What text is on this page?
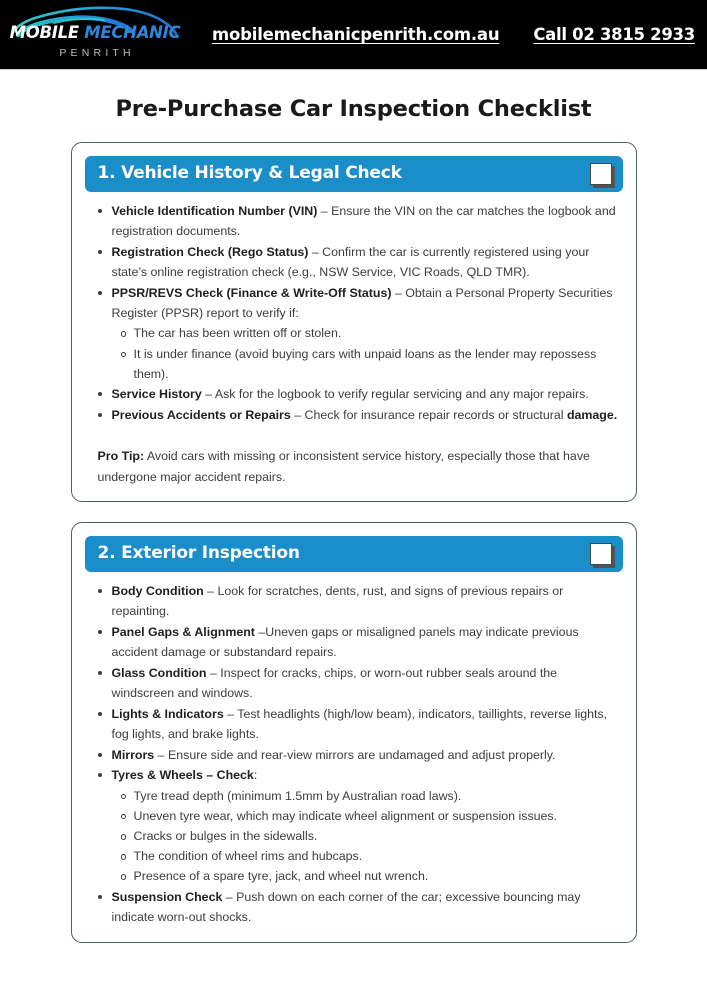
MOBILE MECHANIC
PENRITH
mobilemechanicpenrith.com.au Call 02 3815 2933
Pre-Purchase Car Inspection Checklist
1. Vehicle History & Legal Check
Vehicle Identification Number (VIN) – Ensure the VIN on the car matches the logbook and registration documents.
Registration Check (Rego Status) – Confirm the car is currently registered using your state’s online registration check (e.g., NSW Service, VIC Roads, QLD TMR).
PPSR/REVS Check (Finance & Write-Off Status) – Obtain a Personal Property Securities Register (PPSR) report to verify if:
The car has been written off or stolen.
It is under finance (avoid buying cars with unpaid loans as the lender may repossess them).
Service History – Ask for the logbook to verify regular servicing and any major repairs.
Previous Accidents or Repairs – Check for insurance repair records or structural damage.
Pro Tip: Avoid cars with missing or inconsistent service history, especially those that have undergone major accident repairs.
2. Exterior Inspection
Body Condition – Look for scratches, dents, rust, and signs of previous repairs or repainting.
Panel Gaps & Alignment –Uneven gaps or misaligned panels may indicate previous accident damage or substandard repairs.
Glass Condition – Inspect for cracks, chips, or worn-out rubber seals around the windscreen and windows.
Lights & Indicators – Test headlights (high/low beam), indicators, taillights, reverse lights, fog lights, and brake lights.
Mirrors – Ensure side and rear-view mirrors are undamaged and adjust properly.
Tyres & Wheels – Check:
Tyre tread depth (minimum 1.5mm by Australian road laws).
Uneven tyre wear, which may indicate wheel alignment or suspension issues.
Cracks or bulges in the sidewalls.
The condition of wheel rims and hubcaps.
Presence of a spare tyre, jack, and wheel nut wrench.
Suspension Check – Push down on each corner of the car; excessive bouncing may indicate worn-out shocks.
